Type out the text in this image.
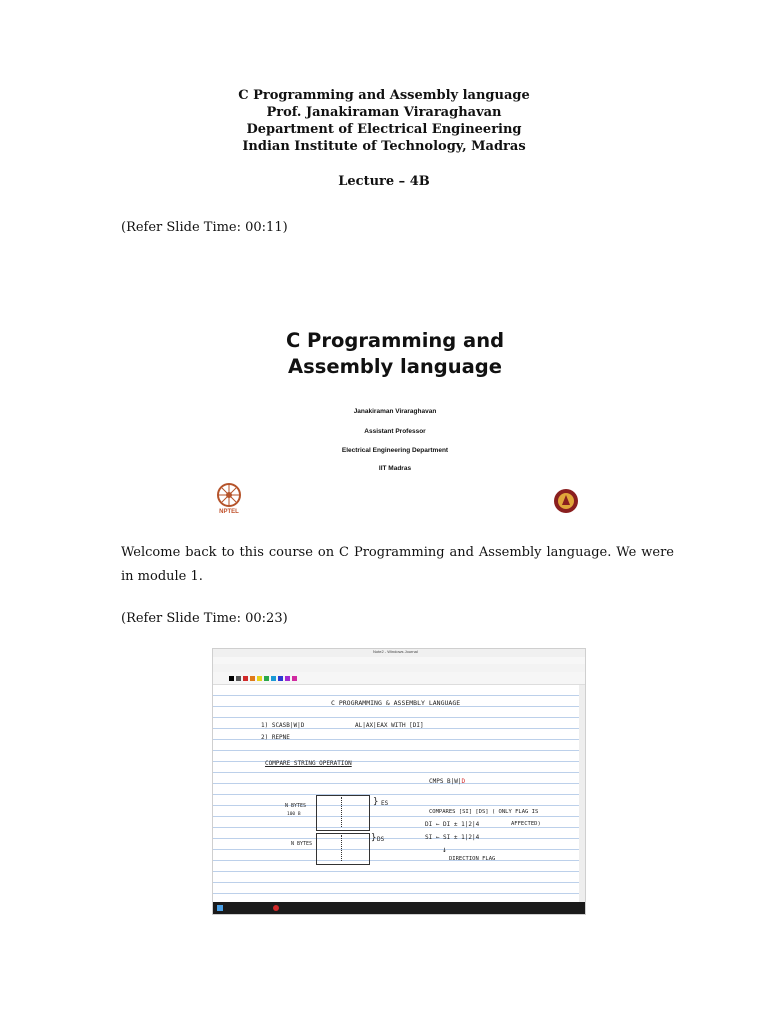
C Programming and Assembly language
Prof. Janakiraman Viraraghavan
Department of Electrical Engineering
Indian Institute of Technology, Madras
Lecture – 4B
(Refer Slide Time: 00:11)
C Programming and
Assembly language
Janakiraman Viraraghavan
Assistant Professor
Electrical Engineering Department
IIT Madras
NPTEL
Welcome back to this course on C Programming and Assembly language. We were in module 1.
(Refer Slide Time: 00:23)
Note2 - Windows Journal
C PROGRAMMING & ASSEMBLY LANGUAGE
1) SCASB|W|D	AL|AX|EAX WITH [DI]
2) REPNE
COMPARE STRING OPERATION
CMPS B|W|D
} ES
} DS
N BYTES
100 B
N BYTES
COMPARES [SI] [DS] ( ONLY FLAG IS
DI ← DI ± 1|2|4	AFFECTED)
SI ← SI ± 1|2|4
↓
DIRECTION FLAG
